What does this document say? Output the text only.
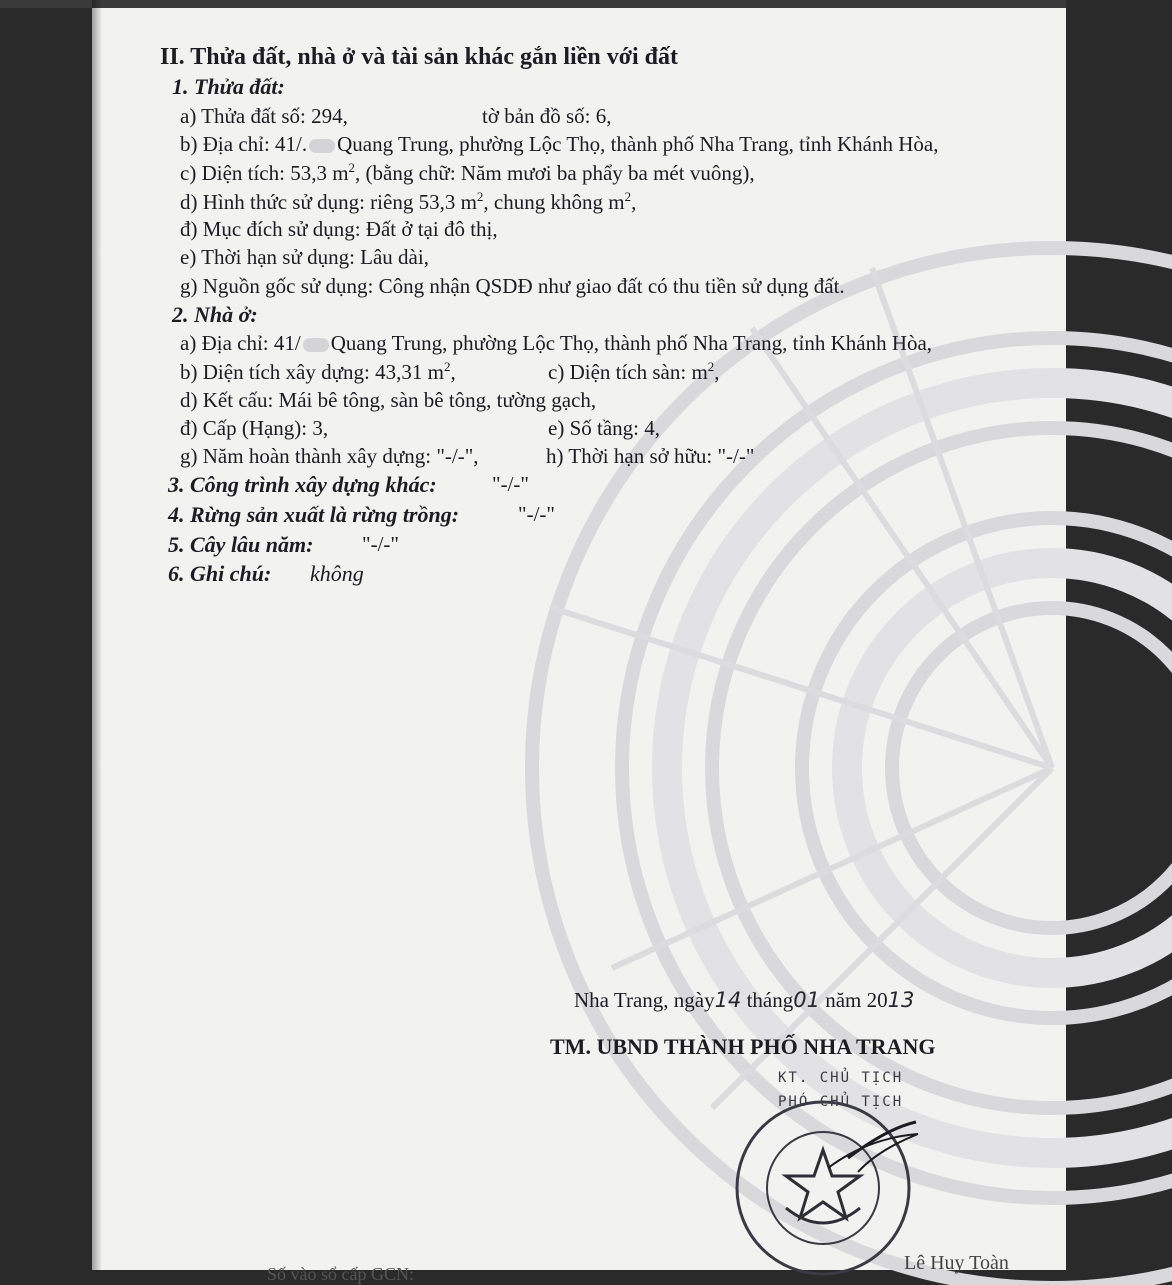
II. Thửa đất, nhà ở và tài sản khác gắn liền với đất
1. Thửa đất:
a) Thửa đất số: 294,	tờ bản đồ số: 6,
b) Địa chỉ: 41/. Quang Trung, phường Lộc Thọ, thành phố Nha Trang, tỉnh Khánh Hòa,
c) Diện tích: 53,3 $m^2$, (bằng chữ: Năm mươi ba phẩy ba mét vuông),
d) Hình thức sử dụng: riêng 53,3 $m^2$, chung không $m^2$,
đ) Mục đích sử dụng: Đất ở tại đô thị,
e) Thời hạn sử dụng: Lâu dài,
g) Nguồn gốc sử dụng: Công nhận QSDĐ như giao đất có thu tiền sử dụng đất.
2. Nhà ở:
a) Địa chỉ: 41/ Quang Trung, phường Lộc Thọ, thành phố Nha Trang, tỉnh Khánh Hòa,
b) Diện tích xây dựng: 43,31 $m^2$,	c) Diện tích sàn: $m^2$,
d) Kết cấu: Mái bê tông, sàn bê tông, tường gạch,
đ) Cấp (Hạng): 3,	e) Số tầng: 4,
g) Năm hoàn thành xây dựng: "-/-",	h) Thời hạn sở hữu: "-/-"
3. Công trình xây dựng khác:	"-/-"
4. Rừng sản xuất là rừng trồng:	"-/-"
5. Cây lâu năm: "-/-"
6. Ghi chú: không
Nha Trang, ngày14 tháng01 năm 2013
TM. UBND THÀNH PHỐ NHA TRANG
KT. CHỦ TỊCH
PHÓ CHỦ TỊCH
Lê Huy Toàn
Số vào sổ cấp GCN:
